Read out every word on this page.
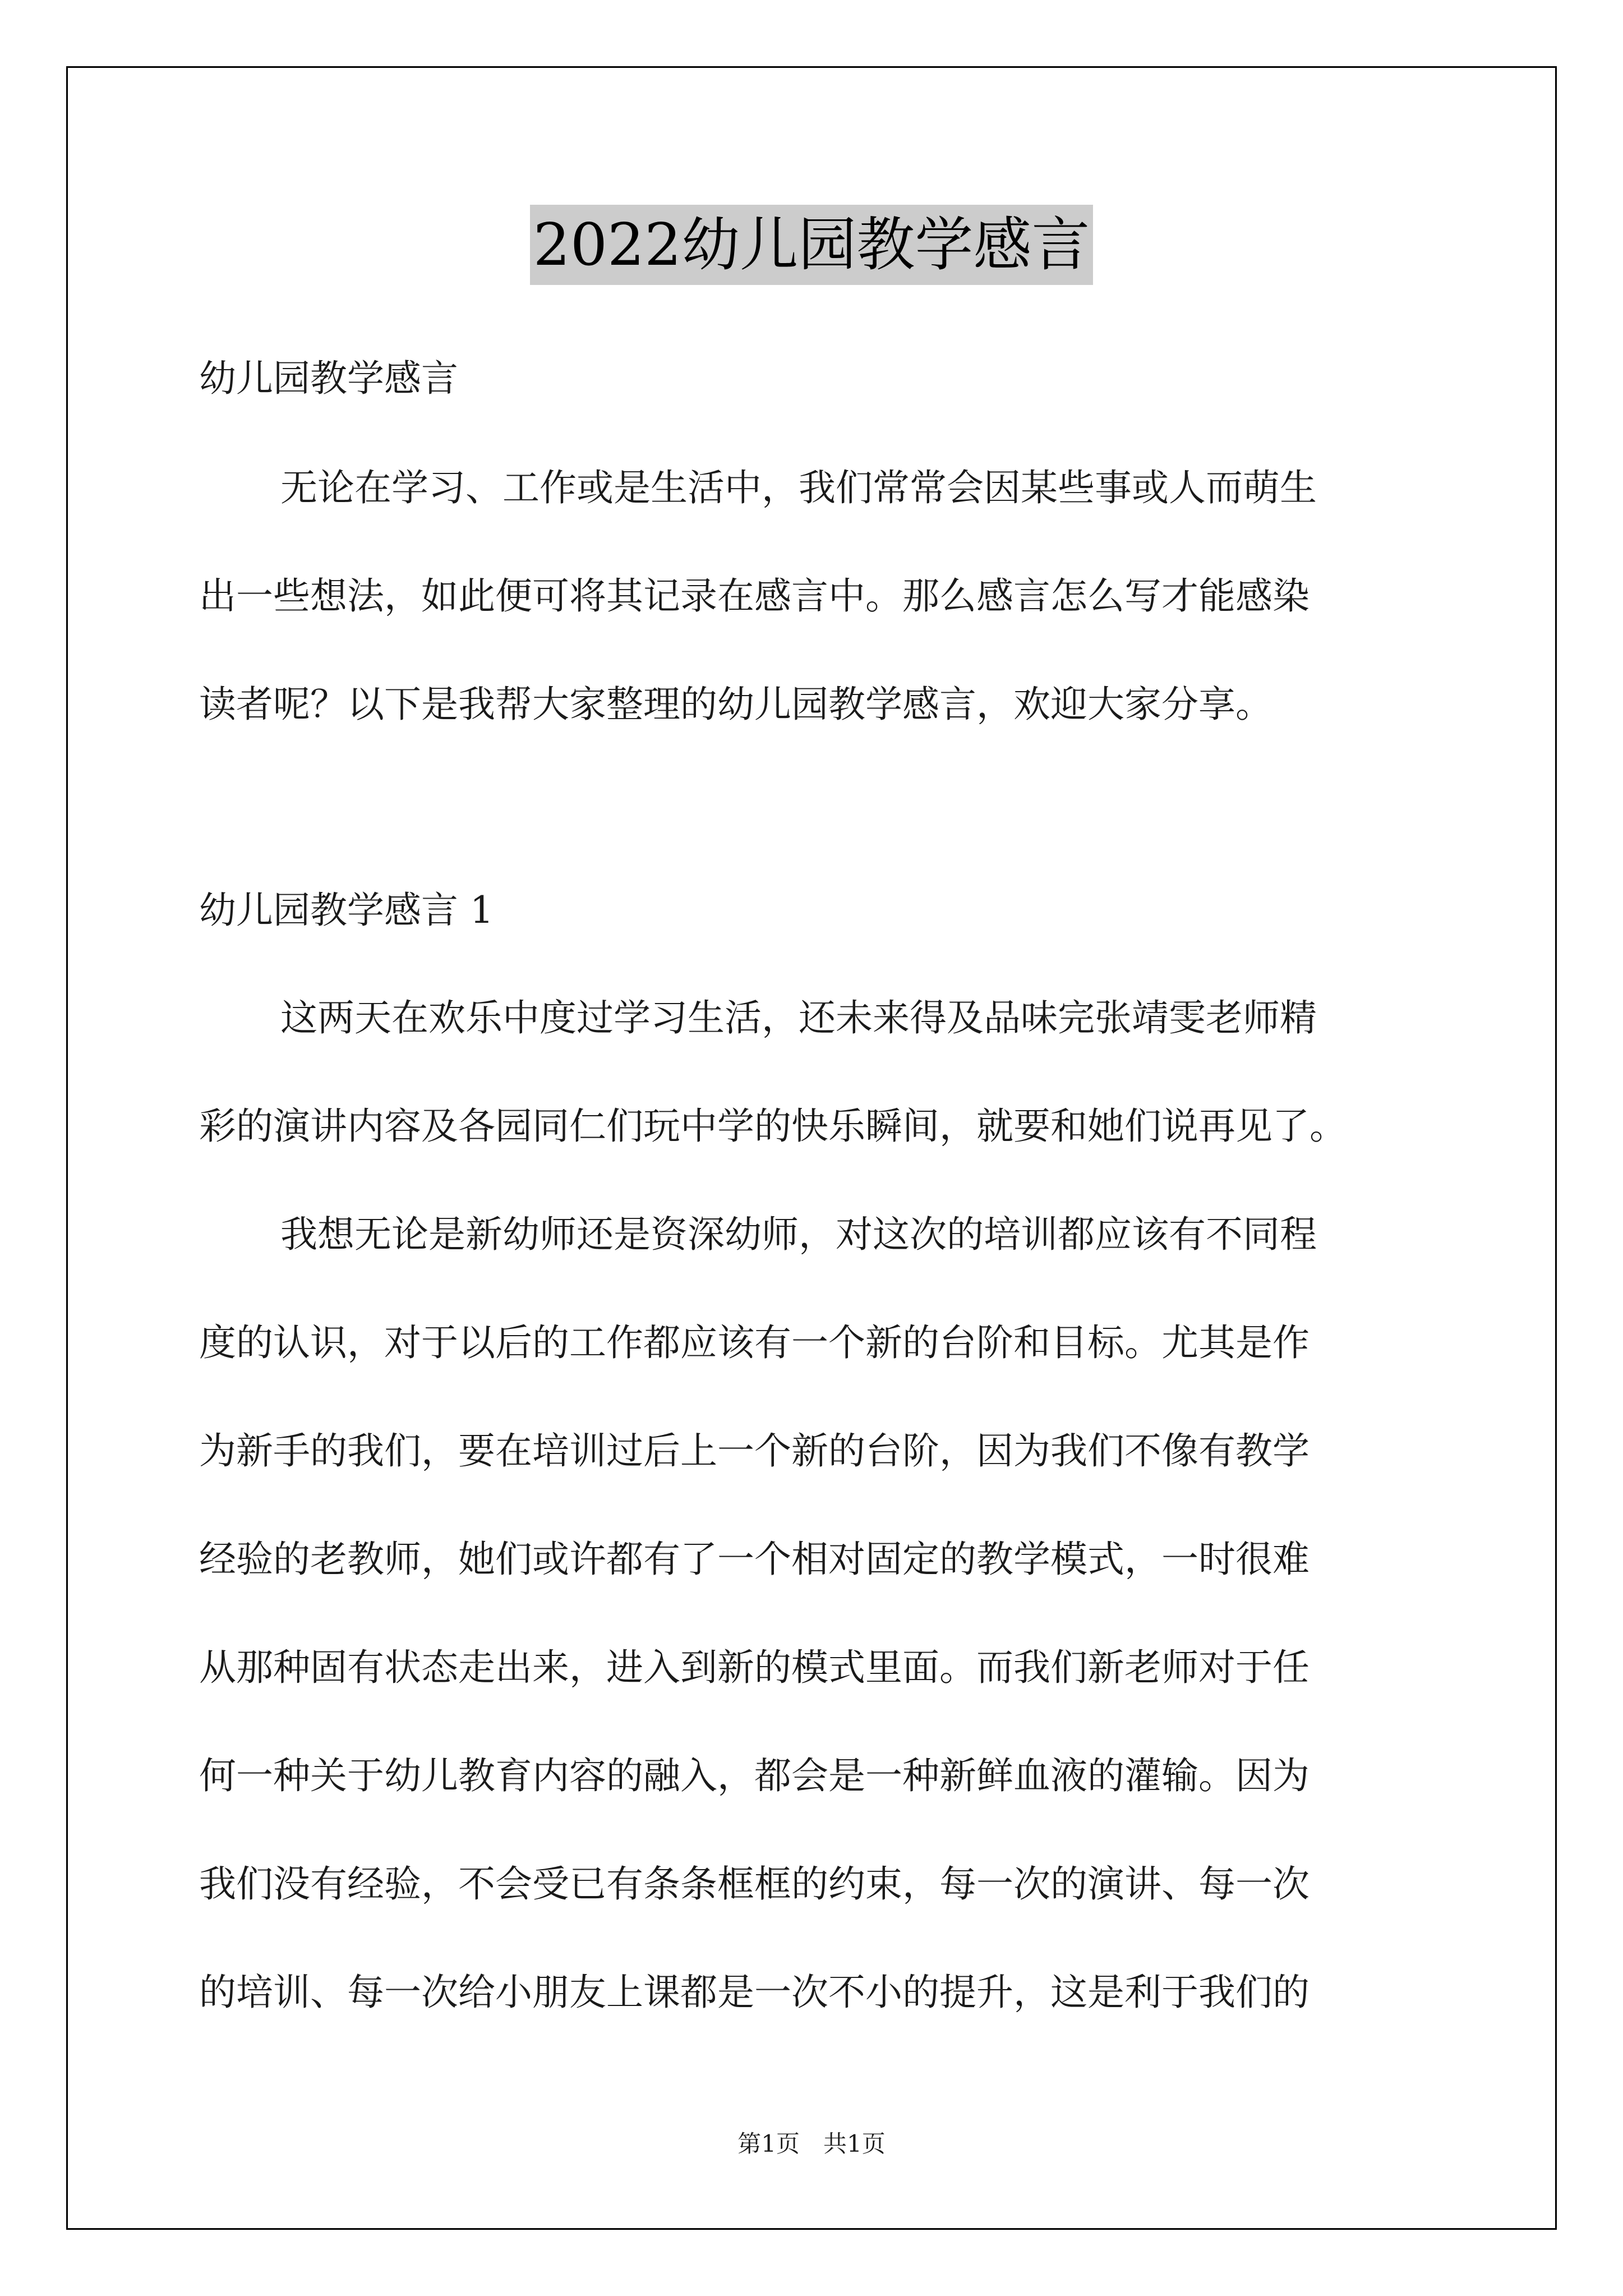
2022幼儿园教学感言
幼儿园教学感言
无论在学习、工作或是生活中，我们常常会因某些事或人而萌生
出一些想法，如此便可将其记录在感言中。那么感言怎么写才能感染
读者呢？以下是我帮大家整理的幼儿园教学感言，欢迎大家分享。
幼儿园教学感言 1
这两天在欢乐中度过学习生活，还未来得及品味完张靖雯老师精
彩的演讲内容及各园同仁们玩中学的快乐瞬间，就要和她们说再见了。
我想无论是新幼师还是资深幼师，对这次的培训都应该有不同程
度的认识，对于以后的工作都应该有一个新的台阶和目标。尤其是作
为新手的我们，要在培训过后上一个新的台阶，因为我们不像有教学
经验的老教师，她们或许都有了一个相对固定的教学模式，一时很难
从那种固有状态走出来，进入到新的模式里面。而我们新老师对于任
何一种关于幼儿教育内容的融入，都会是一种新鲜血液的灌输。因为
我们没有经验，不会受已有条条框框的约束，每一次的演讲、每一次
的培训、每一次给小朋友上课都是一次不小的提升，这是利于我们的
第1页　共1页
